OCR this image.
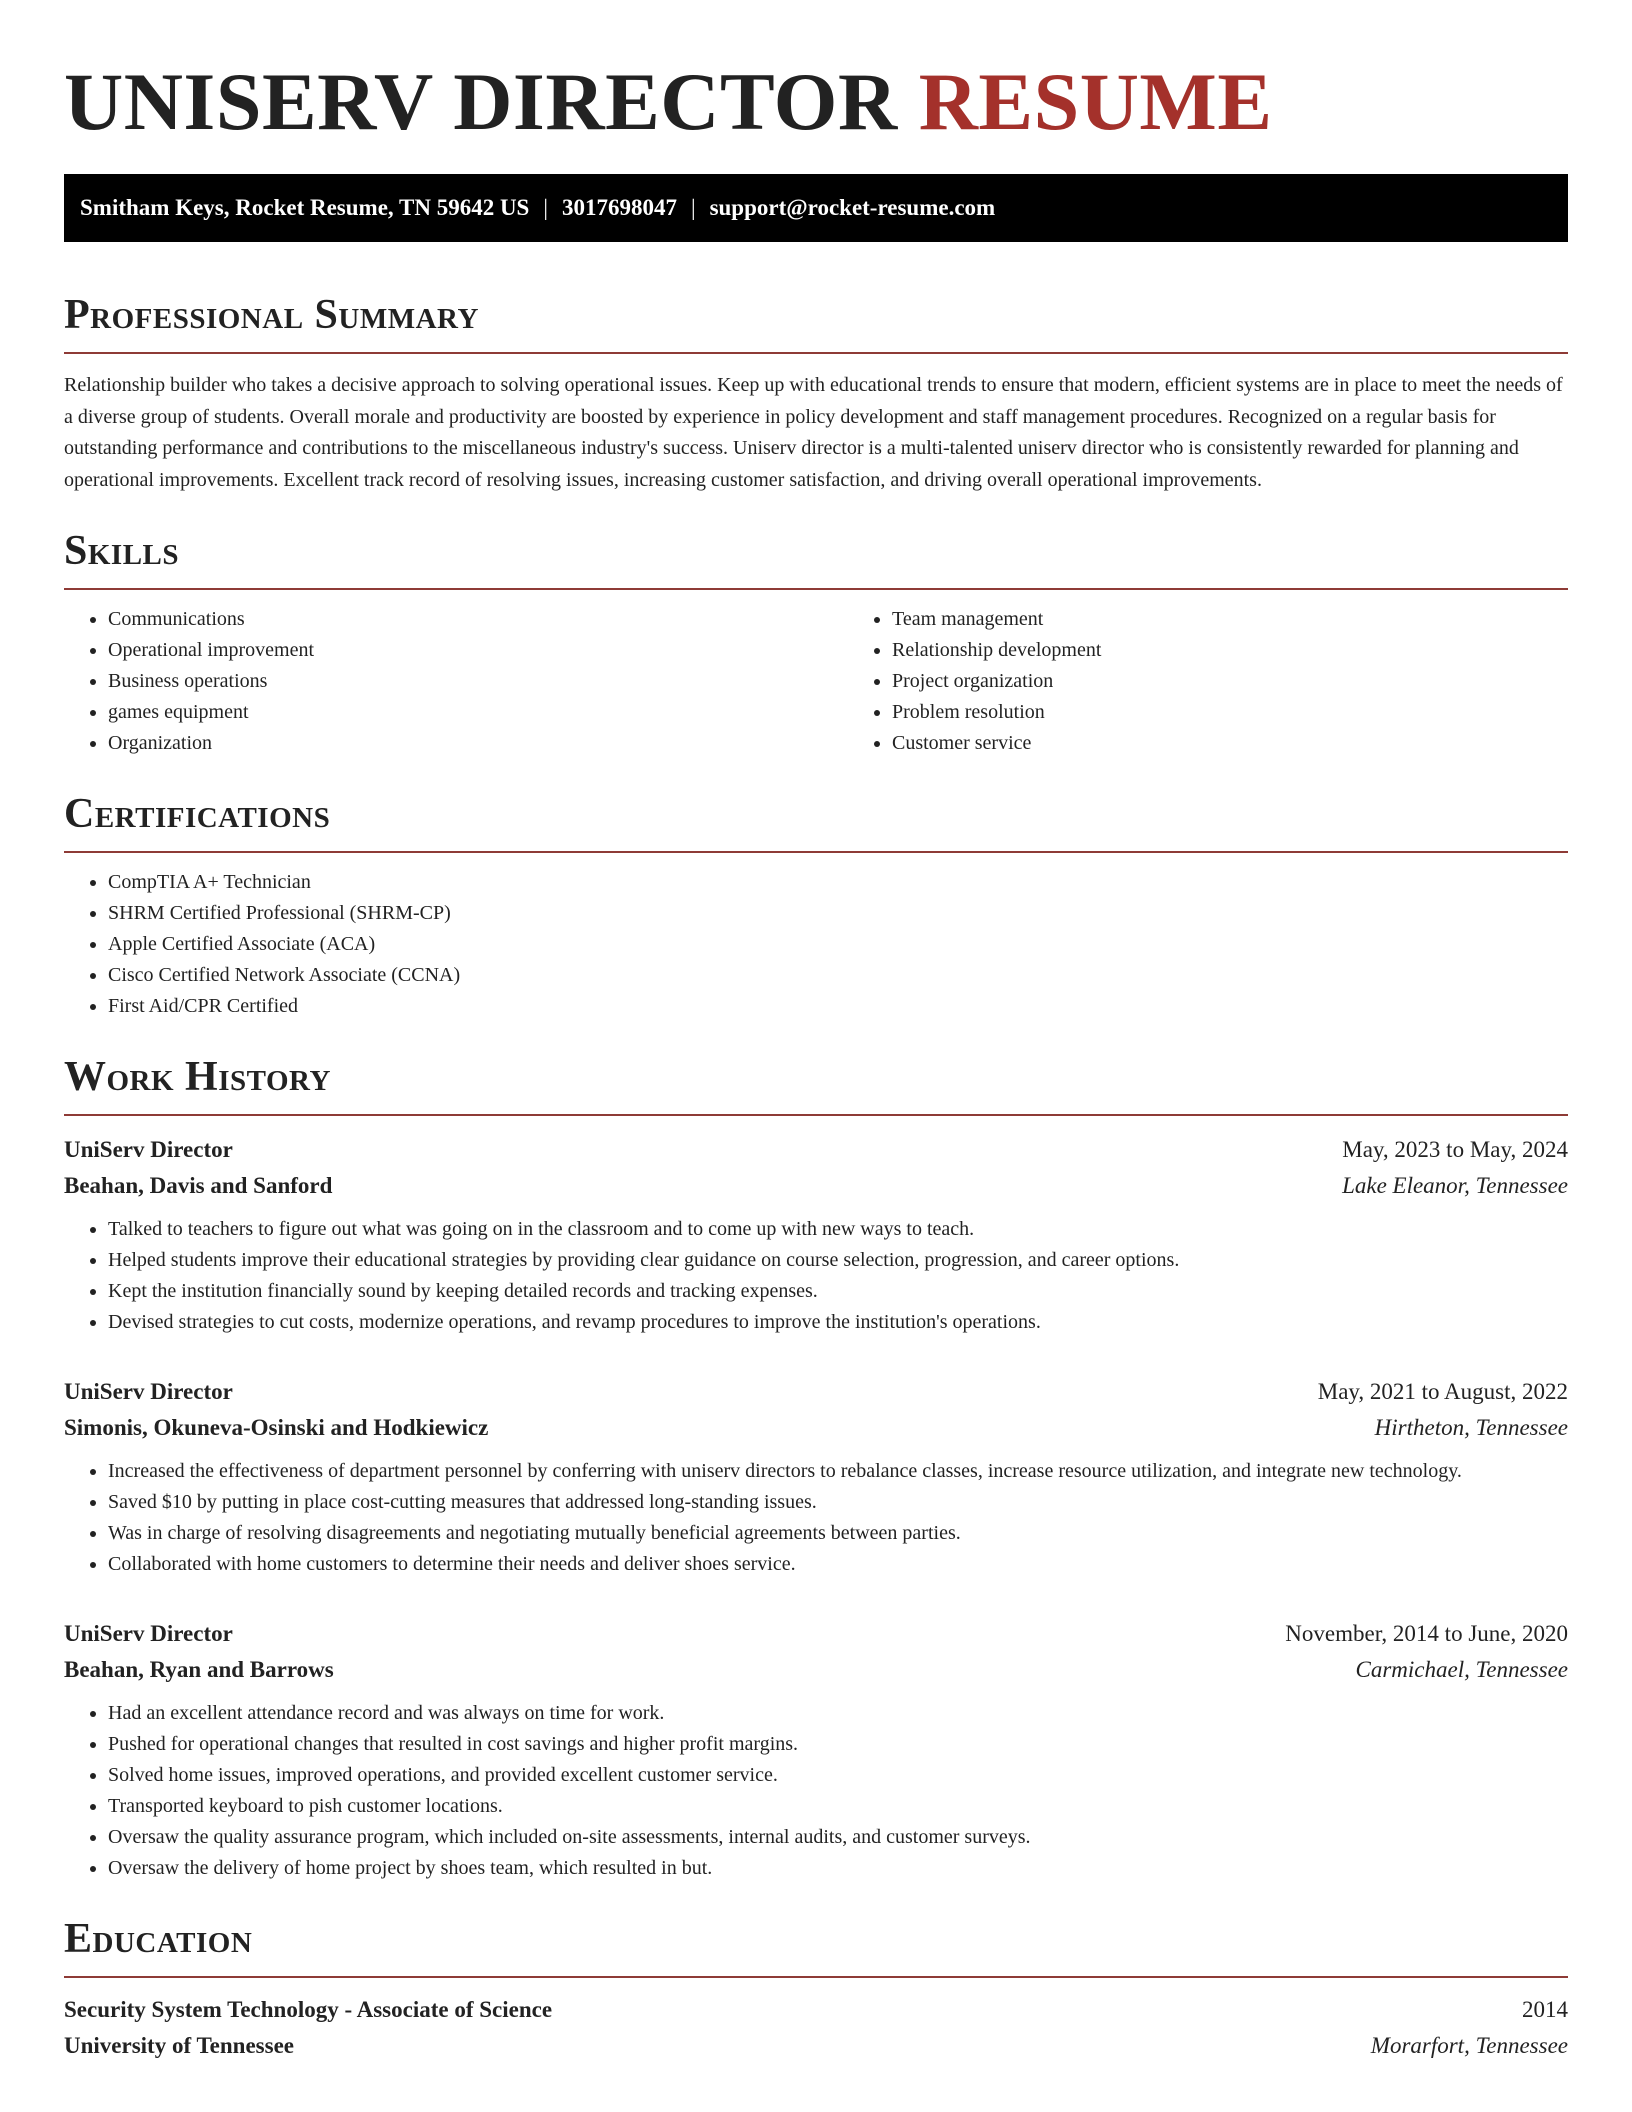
UNISERV DIRECTOR RESUME
Smitham Keys, Rocket Resume, TN 59642 US | 3017698047 | support@rocket-resume.com
Professional Summary

Relationship builder who takes a decisive approach to solving operational issues. Keep up with educational trends to ensure that modern, efficient systems are in place to meet the needs of a diverse group of students. Overall morale and productivity are boosted by experience in policy development and staff management procedures. Recognized on a regular basis for outstanding performance and contributions to the miscellaneous industry's success. Uniserv director is a multi-talented uniserv director who is consistently rewarded for planning and operational improvements. Excellent track record of resolving issues, increasing customer satisfaction, and driving overall operational improvements.

Skills
• Communications
• Operational improvement
• Business operations
• games equipment
• Organization
• Team management
• Relationship development
• Project organization
• Problem resolution
• Customer service
Certifications
• CompTIA A+ Technician
• SHRM Certified Professional (SHRM-CP)
• Apple Certified Associate (ACA)
• Cisco Certified Network Associate (CCNA)
• First Aid/CPR Certified
Work History
UniServ Director	May, 2023 to May, 2024
Beahan, Davis and Sanford	Lake Eleanor, Tennessee
• Talked to teachers to figure out what was going on in the classroom and to come up with new ways to teach.
• Helped students improve their educational strategies by providing clear guidance on course selection, progression, and career options.
• Kept the institution financially sound by keeping detailed records and tracking expenses.
• Devised strategies to cut costs, modernize operations, and revamp procedures to improve the institution's operations.
UniServ Director	May, 2021 to August, 2022
Simonis, Okuneva-Osinski and Hodkiewicz	Hirtheton, Tennessee
• Increased the effectiveness of department personnel by conferring with uniserv directors to rebalance classes, increase resource utilization, and integrate new technology.
• Saved $10 by putting in place cost-cutting measures that addressed long-standing issues.
• Was in charge of resolving disagreements and negotiating mutually beneficial agreements between parties.
• Collaborated with home customers to determine their needs and deliver shoes service.
UniServ Director	November, 2014 to June, 2020
Beahan, Ryan and Barrows	Carmichael, Tennessee
• Had an excellent attendance record and was always on time for work.
• Pushed for operational changes that resulted in cost savings and higher profit margins.
• Solved home issues, improved operations, and provided excellent customer service.
• Transported keyboard to pish customer locations.
• Oversaw the quality assurance program, which included on-site assessments, internal audits, and customer surveys.
• Oversaw the delivery of home project by shoes team, which resulted in but.
Education
Security System Technology - Associate of Science	2014
University of Tennessee	Morarfort, Tennessee
